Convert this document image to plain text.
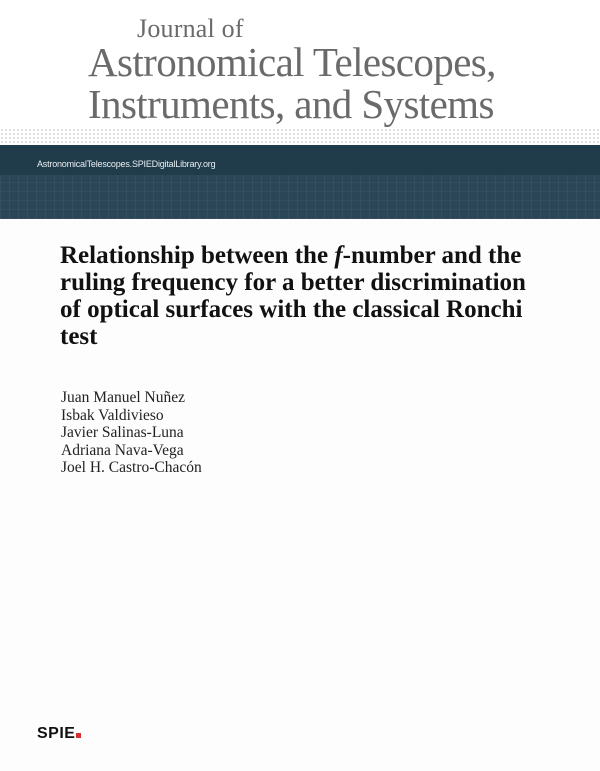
Journal of
Astronomical Telescopes,
Instruments, and Systems
AstronomicalTelescopes.SPIEDigitalLibrary.org
Relationship between the f-number and the ruling frequency for a better discrimination of optical surfaces with the classical Ronchi test
Juan Manuel Nuñez
Isbak Valdivieso
Javier Salinas-Luna
Adriana Nava-Vega
Joel H. Castro-Chacón
SPIE
